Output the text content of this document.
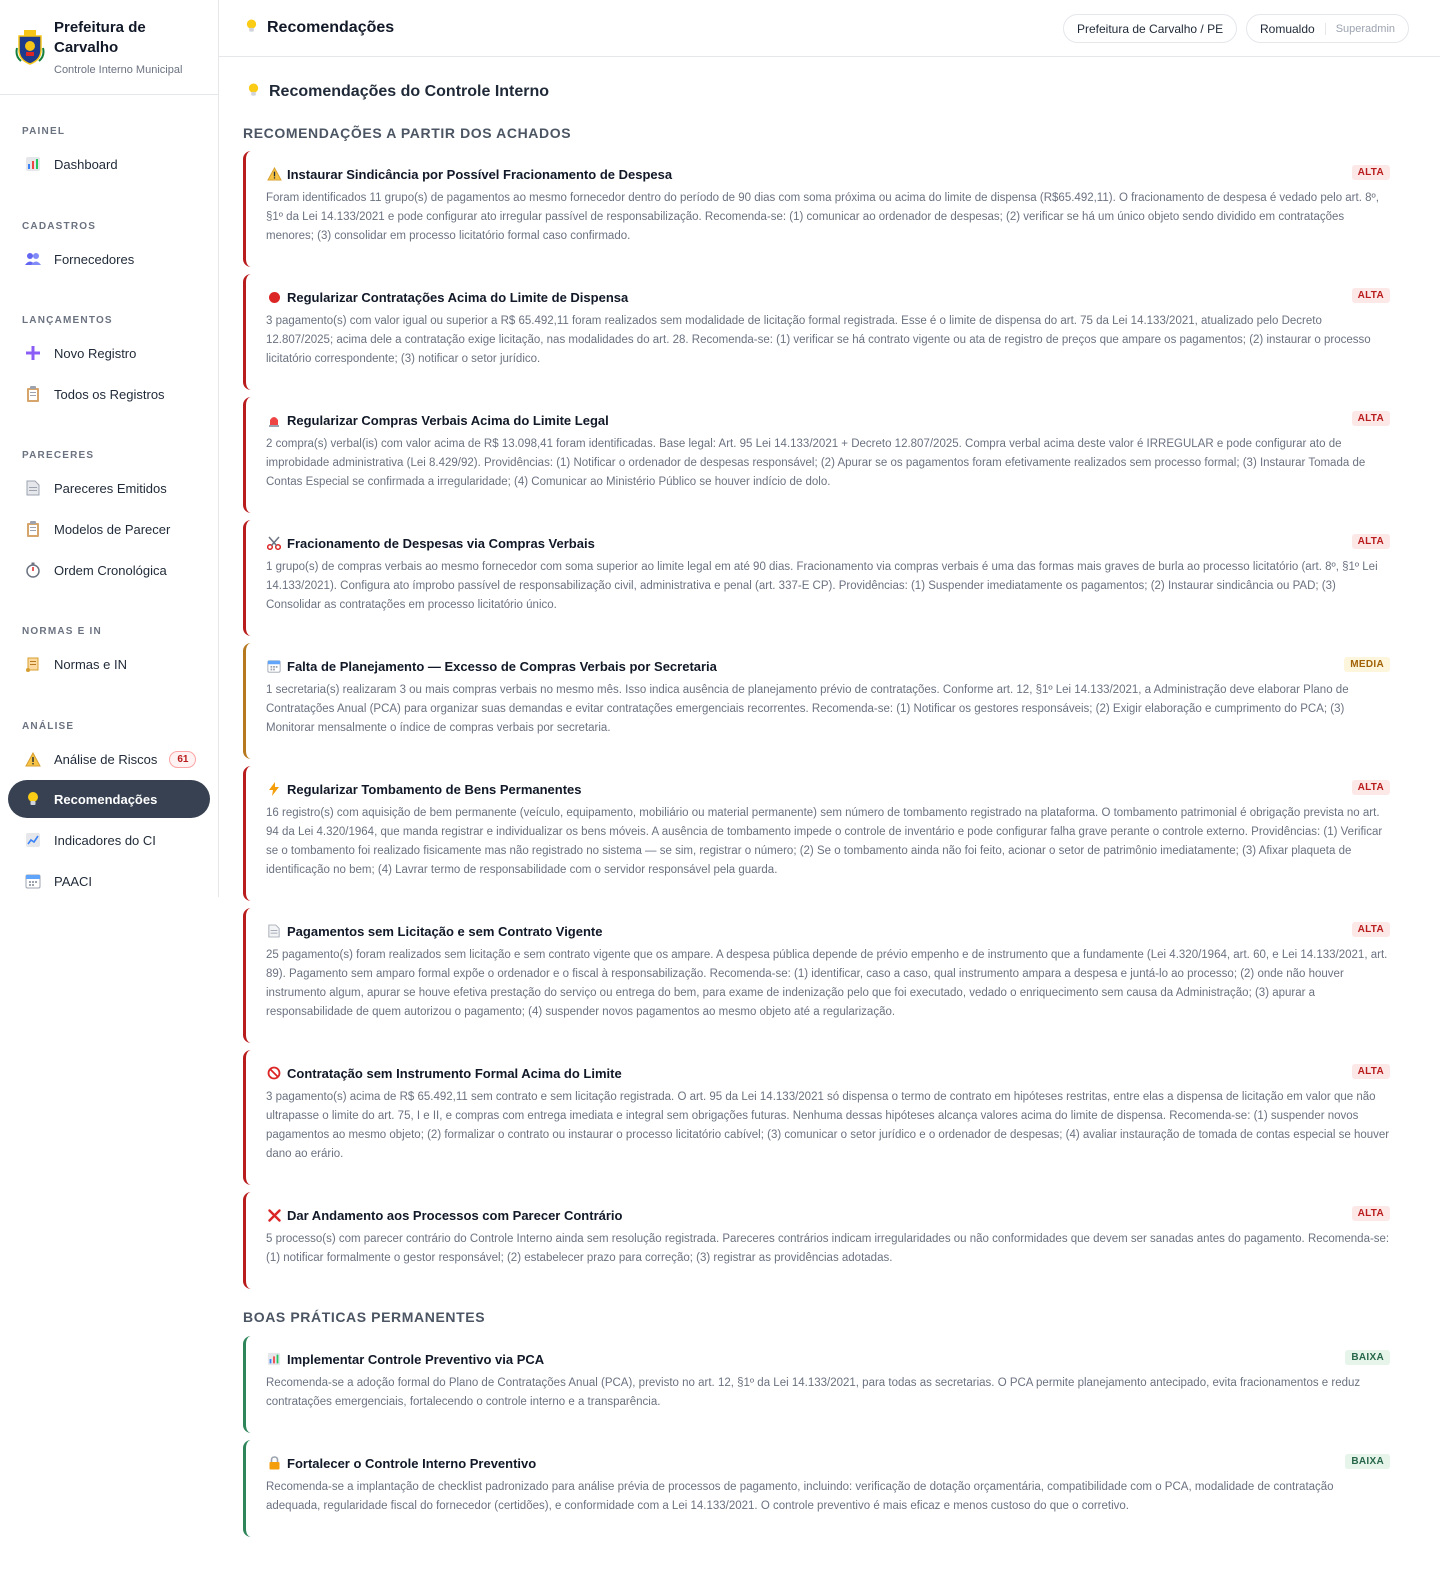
Prefeitura de Carvalho
Controle Interno Municipal
PAINEL
Dashboard
CADASTROS
Fornecedores
LANÇAMENTOS
Novo Registro
Todos os Registros
PARECERES
Pareceres Emitidos
Modelos de Parecer
Ordem Cronológica
NORMAS E IN
Normas e IN
ANÁLISE
Análise de Riscos	61
Recomendações
Indicadores do CI
PAACI
Recomendações	Prefeitura de Carvalho / PE	Romualdo	Superadmin
Recomendações do Controle Interno
RECOMENDAÇÕES A PARTIR DOS ACHADOS
Instaurar Sindicância por Possível Fracionamento de Despesa	ALTA
Foram identificados 11 grupo(s) de pagamentos ao mesmo fornecedor dentro do período de 90 dias com soma próxima ou acima do limite de dispensa (R$65.492,11). O fracionamento de despesa é vedado pelo art. 8º, §1º da Lei 14.133/2021 e pode configurar ato irregular passível de responsabilização. Recomenda-se: (1) comunicar ao ordenador de despesas; (2) verificar se há um único objeto sendo dividido em contratações menores; (3) consolidar em processo licitatório formal caso confirmado.
Regularizar Contratações Acima do Limite de Dispensa	ALTA
3 pagamento(s) com valor igual ou superior a R$ 65.492,11 foram realizados sem modalidade de licitação formal registrada. Esse é o limite de dispensa do art. 75 da Lei 14.133/2021, atualizado pelo Decreto 12.807/2025; acima dele a contratação exige licitação, nas modalidades do art. 28. Recomenda-se: (1) verificar se há contrato vigente ou ata de registro de preços que ampare os pagamentos; (2) instaurar o processo licitatório correspondente; (3) notificar o setor jurídico.
Regularizar Compras Verbais Acima do Limite Legal	ALTA
2 compra(s) verbal(is) com valor acima de R$ 13.098,41 foram identificadas. Base legal: Art. 95 Lei 14.133/2021 + Decreto 12.807/2025. Compra verbal acima deste valor é IRREGULAR e pode configurar ato de improbidade administrativa (Lei 8.429/92). Providências: (1) Notificar o ordenador de despesas responsável; (2) Apurar se os pagamentos foram efetivamente realizados sem processo formal; (3) Instaurar Tomada de Contas Especial se confirmada a irregularidade; (4) Comunicar ao Ministério Público se houver indício de dolo.
Fracionamento de Despesas via Compras Verbais	ALTA
1 grupo(s) de compras verbais ao mesmo fornecedor com soma superior ao limite legal em até 90 dias. Fracionamento via compras verbais é uma das formas mais graves de burla ao processo licitatório (art. 8º, §1º Lei 14.133/2021). Configura ato ímprobo passível de responsabilização civil, administrativa e penal (art. 337-E CP). Providências: (1) Suspender imediatamente os pagamentos; (2) Instaurar sindicância ou PAD; (3) Consolidar as contratações em processo licitatório único.
Falta de Planejamento — Excesso de Compras Verbais por Secretaria	MEDIA
1 secretaria(s) realizaram 3 ou mais compras verbais no mesmo mês. Isso indica ausência de planejamento prévio de contratações. Conforme art. 12, §1º Lei 14.133/2021, a Administração deve elaborar Plano de Contratações Anual (PCA) para organizar suas demandas e evitar contratações emergenciais recorrentes. Recomenda-se: (1) Notificar os gestores responsáveis; (2) Exigir elaboração e cumprimento do PCA; (3) Monitorar mensalmente o índice de compras verbais por secretaria.
Regularizar Tombamento de Bens Permanentes	ALTA
16 registro(s) com aquisição de bem permanente (veículo, equipamento, mobiliário ou material permanente) sem número de tombamento registrado na plataforma. O tombamento patrimonial é obrigação prevista no art. 94 da Lei 4.320/1964, que manda registrar e individualizar os bens móveis. A ausência de tombamento impede o controle de inventário e pode configurar falha grave perante o controle externo. Providências: (1) Verificar se o tombamento foi realizado fisicamente mas não registrado no sistema — se sim, registrar o número; (2) Se o tombamento ainda não foi feito, acionar o setor de patrimônio imediatamente; (3) Afixar plaqueta de identificação no bem; (4) Lavrar termo de responsabilidade com o servidor responsável pela guarda.
Pagamentos sem Licitação e sem Contrato Vigente	ALTA
25 pagamento(s) foram realizados sem licitação e sem contrato vigente que os ampare. A despesa pública depende de prévio empenho e de instrumento que a fundamente (Lei 4.320/1964, art. 60, e Lei 14.133/2021, art. 89). Pagamento sem amparo formal expõe o ordenador e o fiscal à responsabilização. Recomenda-se: (1) identificar, caso a caso, qual instrumento ampara a despesa e juntá-lo ao processo; (2) onde não houver instrumento algum, apurar se houve efetiva prestação do serviço ou entrega do bem, para exame de indenização pelo que foi executado, vedado o enriquecimento sem causa da Administração; (3) apurar a responsabilidade de quem autorizou o pagamento; (4) suspender novos pagamentos ao mesmo objeto até a regularização.
Contratação sem Instrumento Formal Acima do Limite	ALTA
3 pagamento(s) acima de R$ 65.492,11 sem contrato e sem licitação registrada. O art. 95 da Lei 14.133/2021 só dispensa o termo de contrato em hipóteses restritas, entre elas a dispensa de licitação em valor que não ultrapasse o limite do art. 75, I e II, e compras com entrega imediata e integral sem obrigações futuras. Nenhuma dessas hipóteses alcança valores acima do limite de dispensa. Recomenda-se: (1) suspender novos pagamentos ao mesmo objeto; (2) formalizar o contrato ou instaurar o processo licitatório cabível; (3) comunicar o setor jurídico e o ordenador de despesas; (4) avaliar instauração de tomada de contas especial se houver dano ao erário.
Dar Andamento aos Processos com Parecer Contrário	ALTA
5 processo(s) com parecer contrário do Controle Interno ainda sem resolução registrada. Pareceres contrários indicam irregularidades ou não conformidades que devem ser sanadas antes do pagamento. Recomenda-se: (1) notificar formalmente o gestor responsável; (2) estabelecer prazo para correção; (3) registrar as providências adotadas.
BOAS PRÁTICAS PERMANENTES
Implementar Controle Preventivo via PCA	BAIXA
Recomenda-se a adoção formal do Plano de Contratações Anual (PCA), previsto no art. 12, §1º da Lei 14.133/2021, para todas as secretarias. O PCA permite planejamento antecipado, evita fracionamentos e reduz contratações emergenciais, fortalecendo o controle interno e a transparência.
Fortalecer o Controle Interno Preventivo	BAIXA
Recomenda-se a implantação de checklist padronizado para análise prévia de processos de pagamento, incluindo: verificação de dotação orçamentária, compatibilidade com o PCA, modalidade de contratação adequada, regularidade fiscal do fornecedor (certidões), e conformidade com a Lei 14.133/2021. O controle preventivo é mais eficaz e menos custoso do que o corretivo.
